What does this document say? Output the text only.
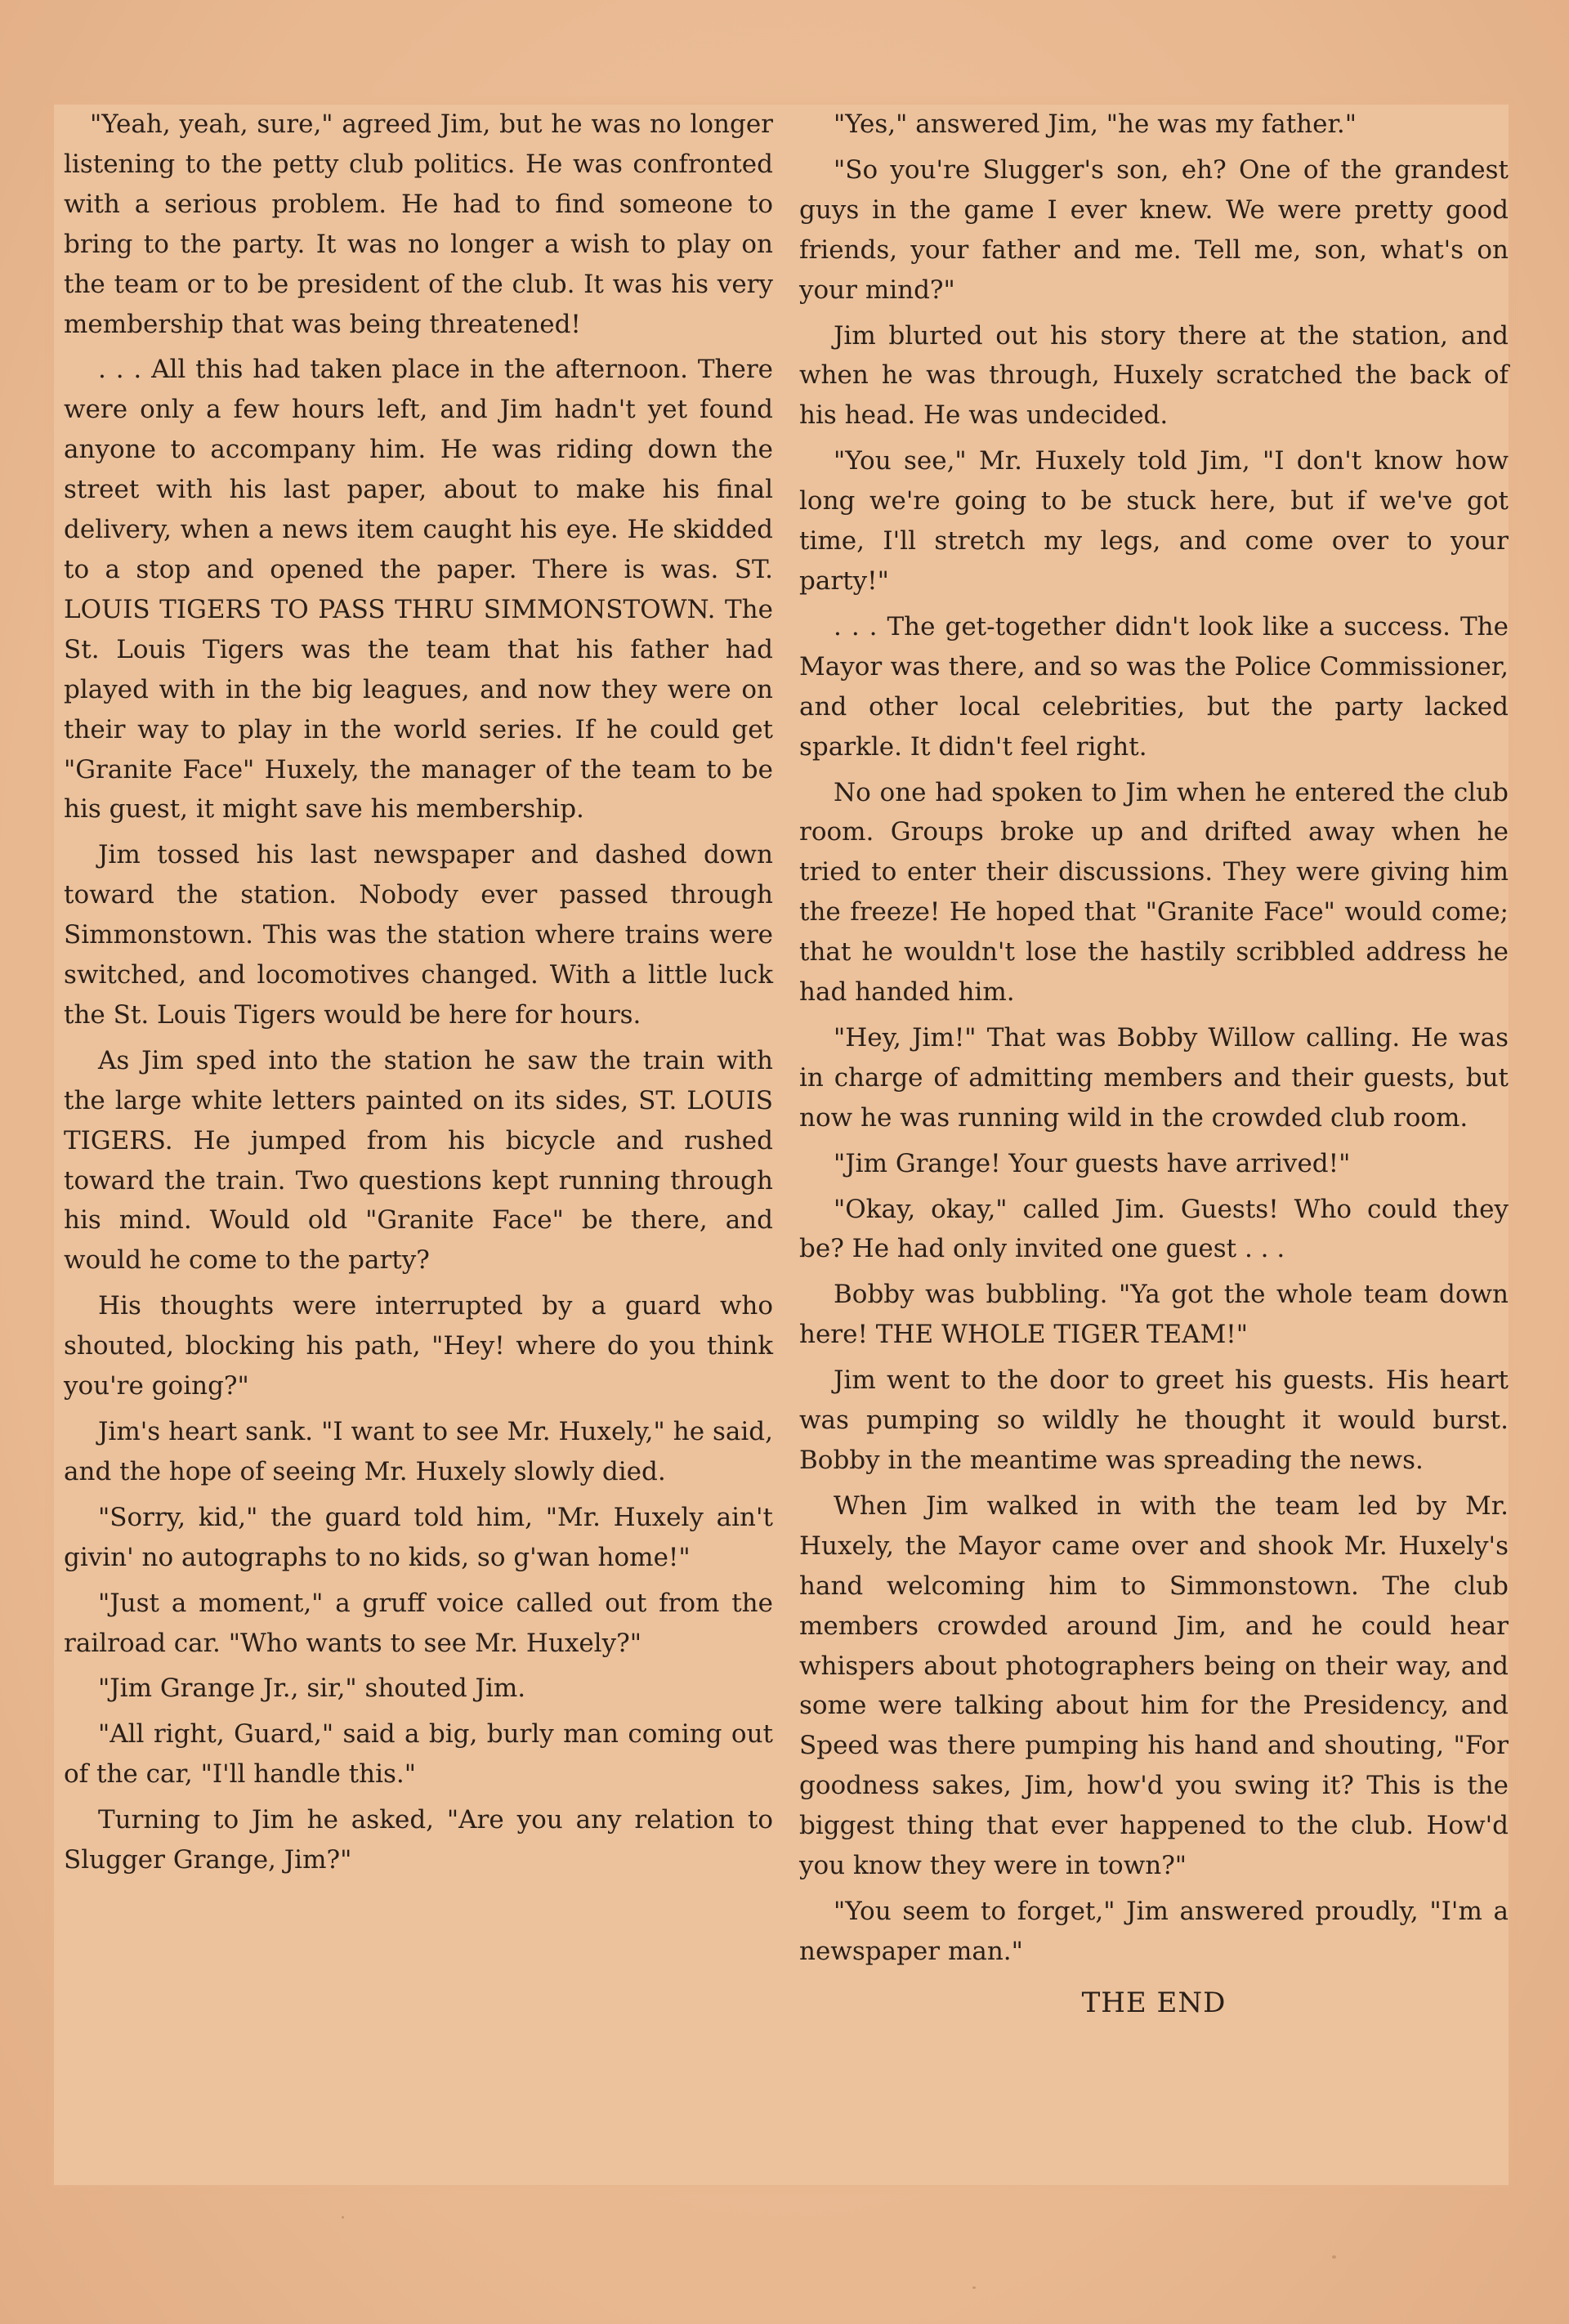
"Yeah, yeah, sure," agreed Jim, but he was no longer listening to the petty club politics. He was confronted with a serious problem. He had to find someone to bring to the party. It was no longer a wish to play on the team or to be president of the club. It was his very membership that was being threatened!

. . . All this had taken place in the afternoon. There were only a few hours left, and Jim hadn't yet found anyone to accompany him. He was riding down the street with his last paper, about to make his final delivery, when a news item caught his eye. He skidded to a stop and opened the paper. There is was. ST. LOUIS TIGERS TO PASS THRU SIMMONSTOWN. The St. Louis Tigers was the team that his father had played with in the big leagues, and now they were on their way to play in the world series. If he could get "Granite Face" Huxely, the manager of the team to be his guest, it might save his membership.

Jim tossed his last newspaper and dashed down toward the station. Nobody ever passed through Simmonstown. This was the station where trains were switched, and locomotives changed. With a little luck the St. Louis Tigers would be here for hours.

As Jim sped into the station he saw the train with the large white letters painted on its sides, ST. LOUIS TIGERS. He jumped from his bicycle and rushed toward the train. Two questions kept running through his mind. Would old "Granite Face" be there, and would he come to the party?

His thoughts were interrupted by a guard who shouted, blocking his path, "Hey! where do you think you're going?"

Jim's heart sank. "I want to see Mr. Huxely," he said, and the hope of seeing Mr. Huxely slowly died.

"Sorry, kid," the guard told him, "Mr. Huxely ain't givin' no autographs to no kids, so g'wan home!"

"Just a moment," a gruff voice called out from the railroad car. "Who wants to see Mr. Huxely?"

"Jim Grange Jr., sir," shouted Jim.

"All right, Guard," said a big, burly man coming out of the car, "I'll handle this."

Turning to Jim he asked, "Are you any relation to Slugger Grange, Jim?"

"Yes," answered Jim, "he was my father."

"So you're Slugger's son, eh? One of the grandest guys in the game I ever knew. We were pretty good friends, your father and me. Tell me, son, what's on your mind?"

Jim blurted out his story there at the station, and when he was through, Huxely scratched the back of his head. He was undecided.

"You see," Mr. Huxely told Jim, "I don't know how long we're going to be stuck here, but if we've got time, I'll stretch my legs, and come over to your party!"

. . . The get-together didn't look like a success. The Mayor was there, and so was the Police Commissioner, and other local celebrities, but the party lacked sparkle. It didn't feel right.

No one had spoken to Jim when he entered the club room. Groups broke up and drifted away when he tried to enter their discussions. They were giving him the freeze! He hoped that "Granite Face" would come; that he wouldn't lose the hastily scribbled address he had handed him.

"Hey, Jim!" That was Bobby Willow calling. He was in charge of admitting members and their guests, but now he was running wild in the crowded club room.

"Jim Grange! Your guests have arrived!"

"Okay, okay," called Jim. Guests! Who could they be? He had only invited one guest . . .

Bobby was bubbling. "Ya got the whole team down here! THE WHOLE TIGER TEAM!"

Jim went to the door to greet his guests. His heart was pumping so wildly he thought it would burst. Bobby in the meantime was spreading the news.

When Jim walked in with the team led by Mr. Huxely, the Mayor came over and shook Mr. Huxely's hand welcoming him to Simmonstown. The club members crowded around Jim, and he could hear whispers about photographers being on their way, and some were talking about him for the Presidency, and Speed was there pumping his hand and shouting, "For goodness sakes, Jim, how'd you swing it? This is the biggest thing that ever happened to the club. How'd you know they were in town?"

"You seem to forget," Jim answered proudly, "I'm a newspaper man."

THE END
